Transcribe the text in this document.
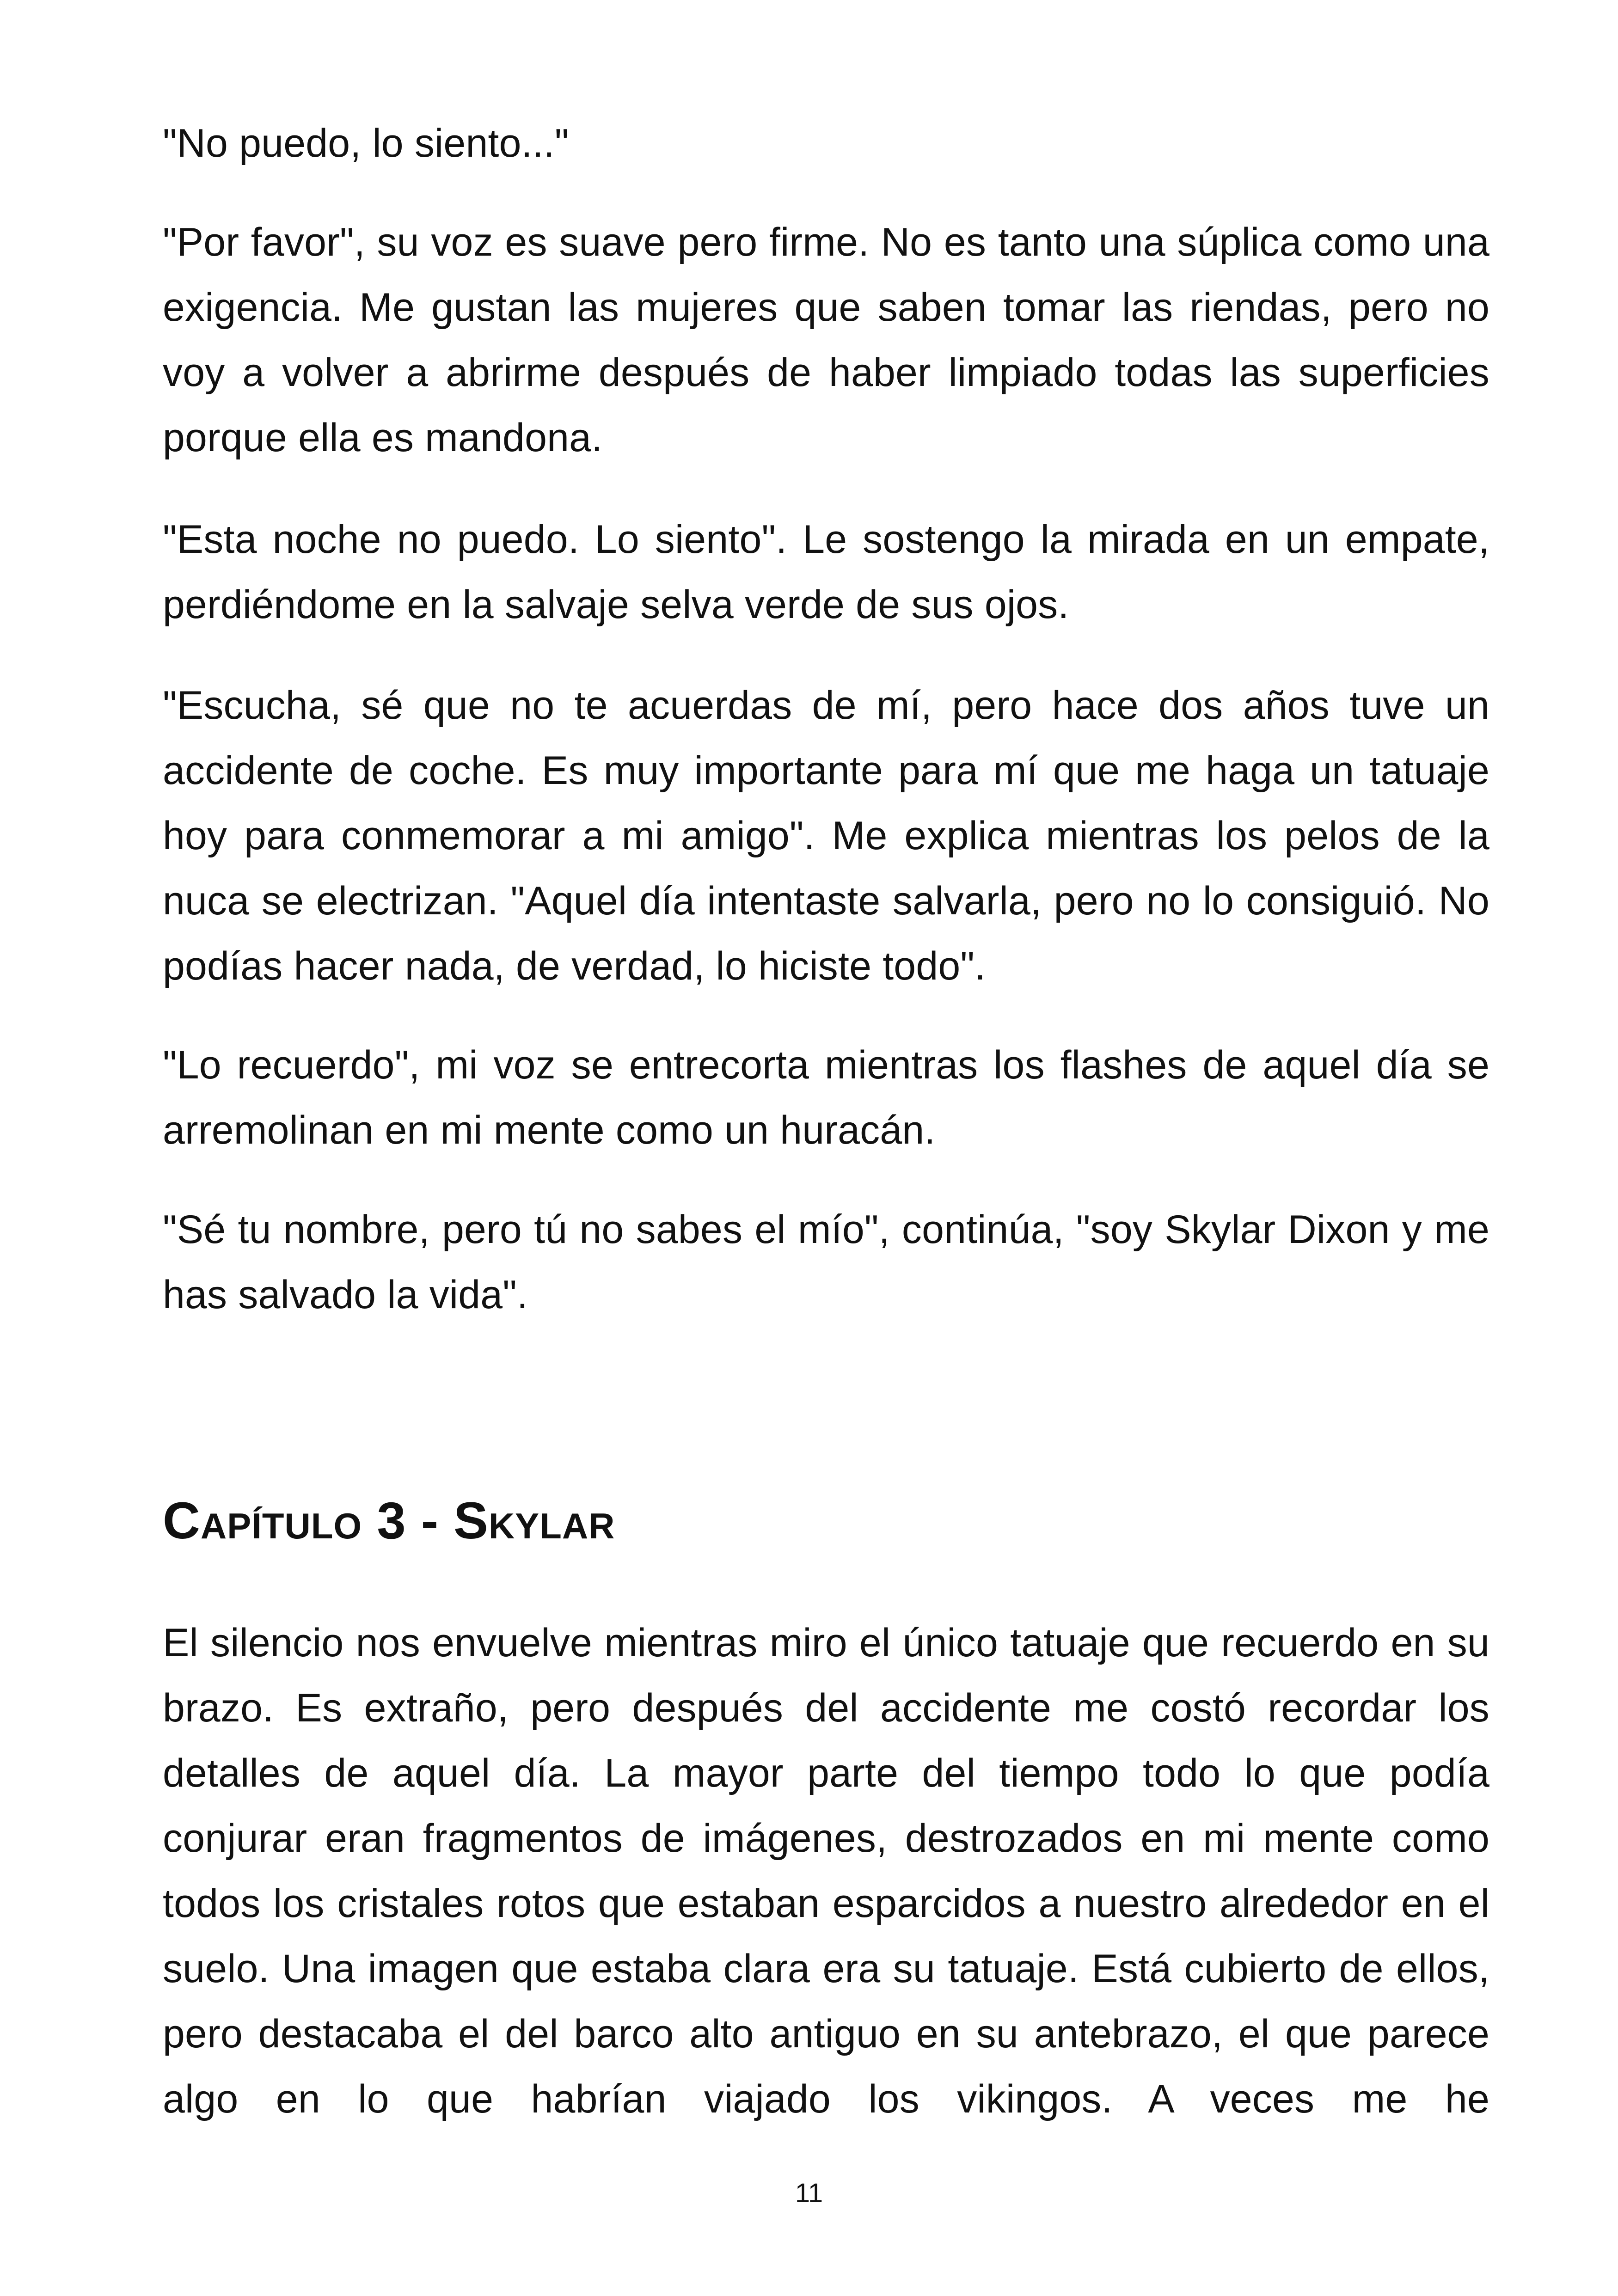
"No puedo, lo siento..."

"Por favor", su voz es suave pero firme. No es tanto una súplica como una exigencia. Me gustan las mujeres que saben tomar las riendas, pero no voy a volver a abrirme después de haber limpiado todas las superficies porque ella es mandona.

"Esta noche no puedo. Lo siento". Le sostengo la mirada en un empate, perdiéndome en la salvaje selva verde de sus ojos.

"Escucha, sé que no te acuerdas de mí, pero hace dos años tuve un accidente de coche. Es muy importante para mí que me haga un tatuaje hoy para conmemorar a mi amigo". Me explica mientras los pelos de la nuca se electrizan. "Aquel día intentaste salvarla, pero no lo consiguió. No podías hacer nada, de verdad, lo hiciste todo".

"Lo recuerdo", mi voz se entrecorta mientras los flashes de aquel día se arremolinan en mi mente como un huracán.

"Sé tu nombre, pero tú no sabes el mío", continúa, "soy Skylar Dixon y me has salvado la vida".

Capítulo 3 - Skylar

El silencio nos envuelve mientras miro el único tatuaje que recuerdo en su brazo. Es extraño, pero después del accidente me costó recordar los detalles de aquel día. La mayor parte del tiempo todo lo que podía conjurar eran fragmentos de imágenes, destrozados en mi mente como todos los cristales rotos que estaban esparcidos a nuestro alrededor en el suelo. Una imagen que estaba clara era su tatuaje. Está cubierto de ellos, pero destacaba el del barco alto antiguo en su antebrazo, el que parece algo en lo que habrían viajado los vikingos. A veces me he

11
